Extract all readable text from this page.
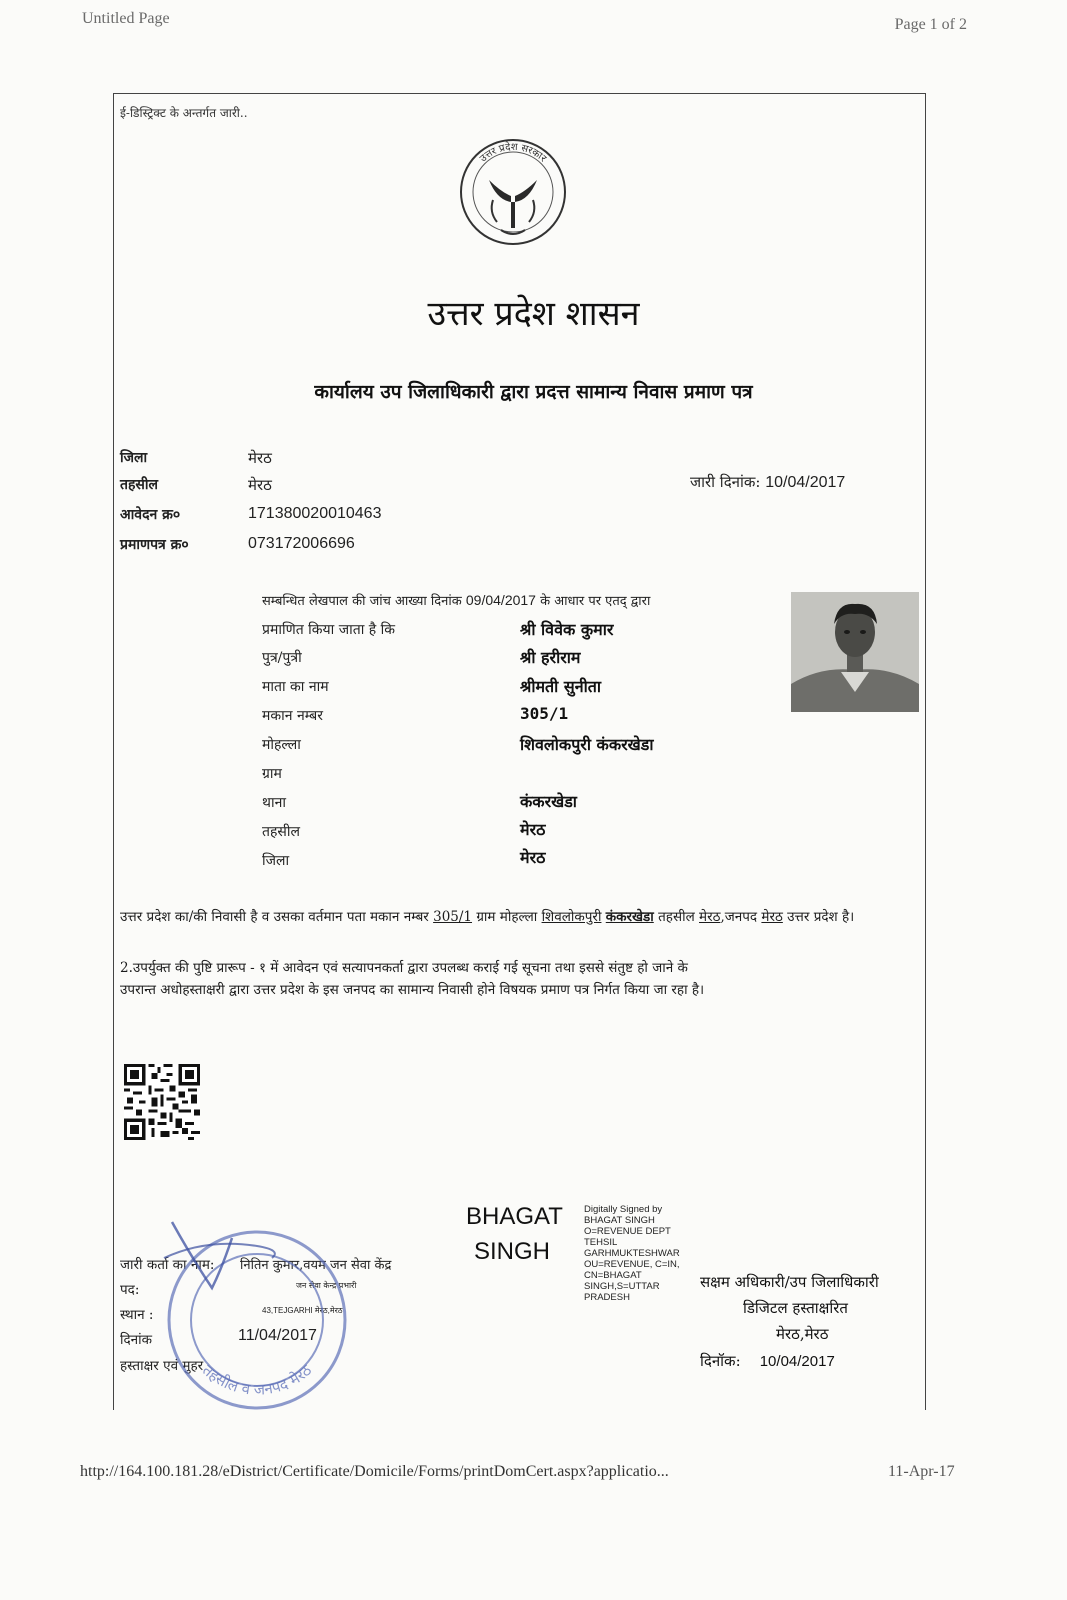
Untitled Page	Page 1 of 2
ई-डिस्ट्रिक्ट के अन्तर्गत जारी..
उत्तर प्रदेश सरकार
उत्तर प्रदेश शासन
कार्यालय उप जिलाधिकारी द्वारा प्रदत्त सामान्य निवास प्रमाण पत्र
जिला	मेरठ
तहसील	मेरठ
आवेदन क्र०	171380020010463
प्रमाणपत्र क्र०	073172006696
जारी दिनांक: 10/04/2017
सम्बन्धित लेखपाल की जांच आख्या दिनांक 09/04/2017 के आधार पर एतद् द्वारा
प्रमाणित किया जाता है कि	श्री विवेक कुमार
पुत्र/पुत्री	श्री हरीराम
माता का नाम	श्रीमती सुनीता
मकान नम्बर	305/1
मोहल्ला	शिवलोकपुरी कंकरखेडा
ग्राम
थाना	कंकरखेडा
तहसील	मेरठ
जिला	मेरठ
उत्तर प्रदेश का/की निवासी है व उसका वर्तमान पता मकान नम्बर 305/1 ग्राम मोहल्ला शिवलोकपुरी कंकरखेडा तहसील मेरठ,जनपद मेरठ उत्तर प्रदेश है।
2.उपर्युक्त की पुष्टि प्रारूप - १ में आवेदन एवं सत्यापनकर्ता द्वारा उपलब्ध कराई गई सूचना तथा इससे संतुष्ट हो जाने के
उपरान्त अधोहस्ताक्षरी द्वारा उत्तर प्रदेश के इस जनपद का सामान्य निवासी होने विषयक प्रमाण पत्र निर्गत किया जा रहा है।
BHAGAT
SINGH
Digitally Signed by
BHAGAT SINGH
O=REVENUE DEPT
TEHSIL
GARHMUKTESHWAR
OU=REVENUE, C=IN,
CN=BHAGAT
SINGH,S=UTTAR
PRADESH
जारी कर्ता का नाम: नितिन कुमार,वयम जन सेवा केंद्र
पद:	जन सेवा केन्द्र प्रभारी
स्थान :	43,TEJGARHI मेरठ,मेरठ
दिनांक	11/04/2017
हस्ताक्षर एवं मुहर
सक्षम अधिकारी/उप जिलाधिकारी
डिजिटल हस्ताक्षरित
मेरठ,मेरठ
दिनॉक: 10/04/2017
तहसील व जनपद मेरठ
http://164.100.181.28/eDistrict/Certificate/Domicile/Forms/printDomCert.aspx?applicatio...	11-Apr-17
